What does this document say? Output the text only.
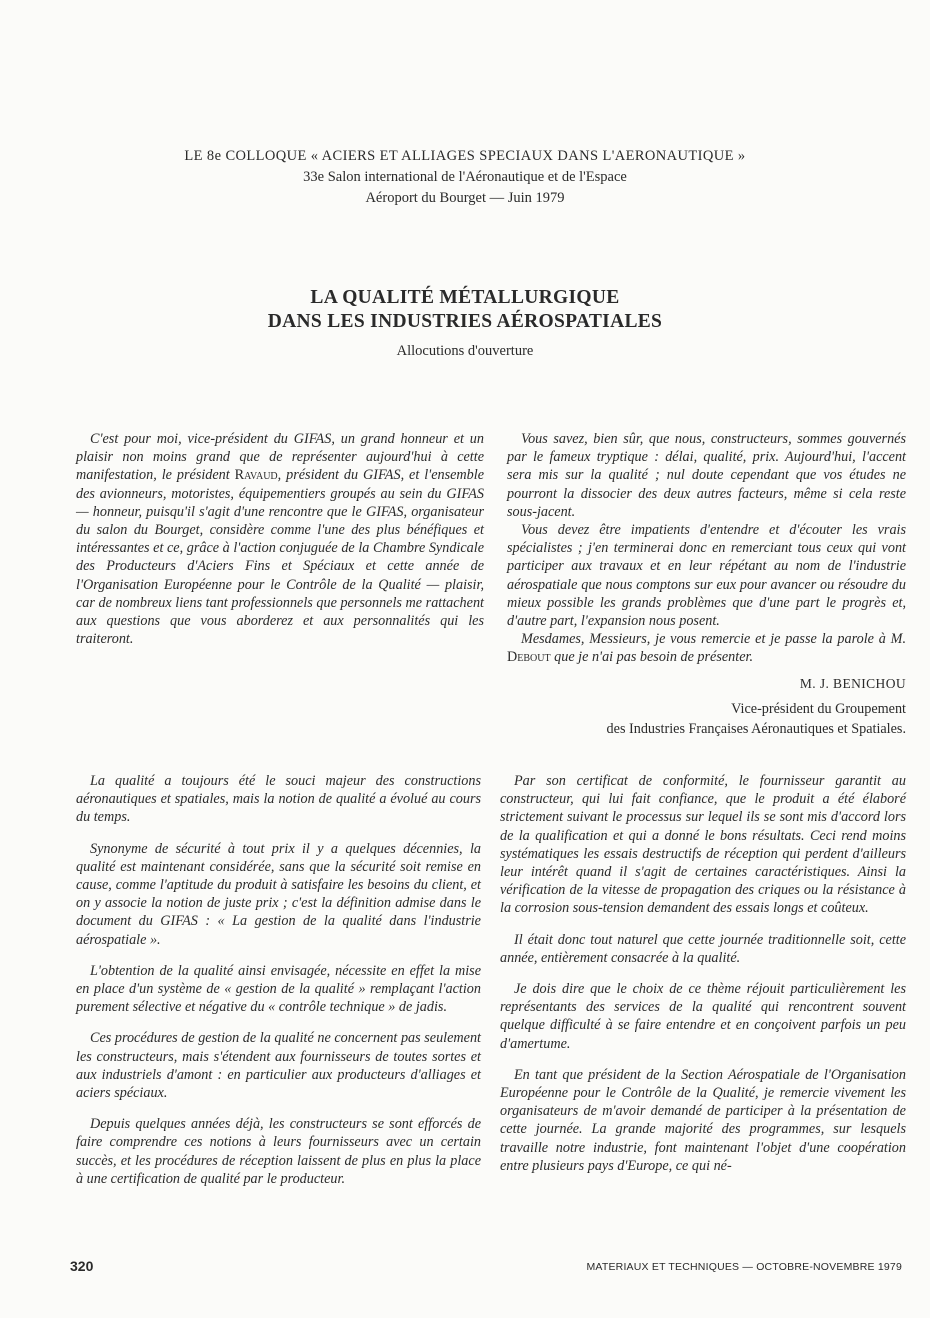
LE 8e COLLOQUE « ACIERS ET ALLIAGES SPECIAUX DANS L'AERONAUTIQUE »
33e Salon international de l'Aéronautique et de l'Espace
Aéroport du Bourget — Juin 1979
LA QUALITÉ MÉTALLURGIQUE
DANS LES INDUSTRIES AÉROSPATIALES
Allocutions d'ouverture

C'est pour moi, vice-président du GIFAS, un grand honneur et un plaisir non moins grand que de représenter aujourd'hui à cette manifestation, le président Ravaud, président du GIFAS, et l'ensemble des avionneurs, motoristes, équipementiers groupés au sein du GIFAS — honneur, puisqu'il s'agit d'une rencontre que le GIFAS, organisateur du salon du Bourget, considère comme l'une des plus bénéfiques et intéressantes et ce, grâce à l'action conjuguée de la Chambre Syndicale des Producteurs d'Aciers Fins et Spéciaux et cette année de l'Organisation Européenne pour le Contrôle de la Qualité — plaisir, car de nombreux liens tant professionnels que personnels me rattachent aux questions que vous aborderez et aux personnalités qui les traiteront.

Vous savez, bien sûr, que nous, constructeurs, sommes gouvernés par le fameux tryptique : délai, qualité, prix. Aujourd'hui, l'accent sera mis sur la qualité ; nul doute cependant que vos études ne pourront la dissocier des deux autres facteurs, même si cela reste sous-jacent.

Vous devez être impatients d'entendre et d'écouter les vrais spécialistes ; j'en terminerai donc en remerciant tous ceux qui vont participer aux travaux et en leur répétant au nom de l'industrie aérospatiale que nous comptons sur eux pour avancer ou résoudre du mieux possible les grands problèmes que d'une part le progrès et, d'autre part, l'expansion nous posent.

Mesdames, Messieurs, je vous remercie et je passe la parole à M. Debout que je n'ai pas besoin de présenter.

M. J. BENICHOU
Vice-président du Groupement
des Industries Françaises Aéronautiques et Spatiales.

La qualité a toujours été le souci majeur des constructions aéronautiques et spatiales, mais la notion de qualité a évolué au cours du temps.

Synonyme de sécurité à tout prix il y a quelques décennies, la qualité est maintenant considérée, sans que la sécurité soit remise en cause, comme l'aptitude du produit à satisfaire les besoins du client, et on y associe la notion de juste prix ; c'est la définition admise dans le document du GIFAS : « La gestion de la qualité dans l'industrie aérospatiale ».

L'obtention de la qualité ainsi envisagée, nécessite en effet la mise en place d'un système de « gestion de la qualité » remplaçant l'action purement sélective et négative du « contrôle technique » de jadis.

Ces procédures de gestion de la qualité ne concernent pas seulement les constructeurs, mais s'étendent aux fournisseurs de toutes sortes et aux industriels d'amont : en particulier aux producteurs d'alliages et aciers spéciaux.

Depuis quelques années déjà, les constructeurs se sont efforcés de faire comprendre ces notions à leurs fournisseurs avec un certain succès, et les procédures de réception laissent de plus en plus la place à une certification de qualité par le producteur.

Par son certificat de conformité, le fournisseur garantit au constructeur, qui lui fait confiance, que le produit a été élaboré strictement suivant le processus sur lequel ils se sont mis d'accord lors de la qualification et qui a donné le bons résultats. Ceci rend moins systématiques les essais destructifs de réception qui perdent d'ailleurs leur intérêt quand il s'agit de certaines caractéristiques. Ainsi la vérification de la vitesse de propagation des criques ou la résistance à la corrosion sous-tension demandent des essais longs et coûteux.

Il était donc tout naturel que cette journée traditionnelle soit, cette année, entièrement consacrée à la qualité.

Je dois dire que le choix de ce thème réjouit particulièrement les représentants des services de la qualité qui rencontrent souvent quelque difficulté à se faire entendre et en conçoivent parfois un peu d'amertume.

En tant que président de la Section Aérospatiale de l'Organisation Européenne pour le Contrôle de la Qualité, je remercie vivement les organisateurs de m'avoir demandé de participer à la présentation de cette journée. La grande majorité des programmes, sur lesquels travaille notre industrie, font maintenant l'objet d'une coopération entre plusieurs pays d'Europe, ce qui né-

320	MATERIAUX ET TECHNIQUES — OCTOBRE-NOVEMBRE 1979
